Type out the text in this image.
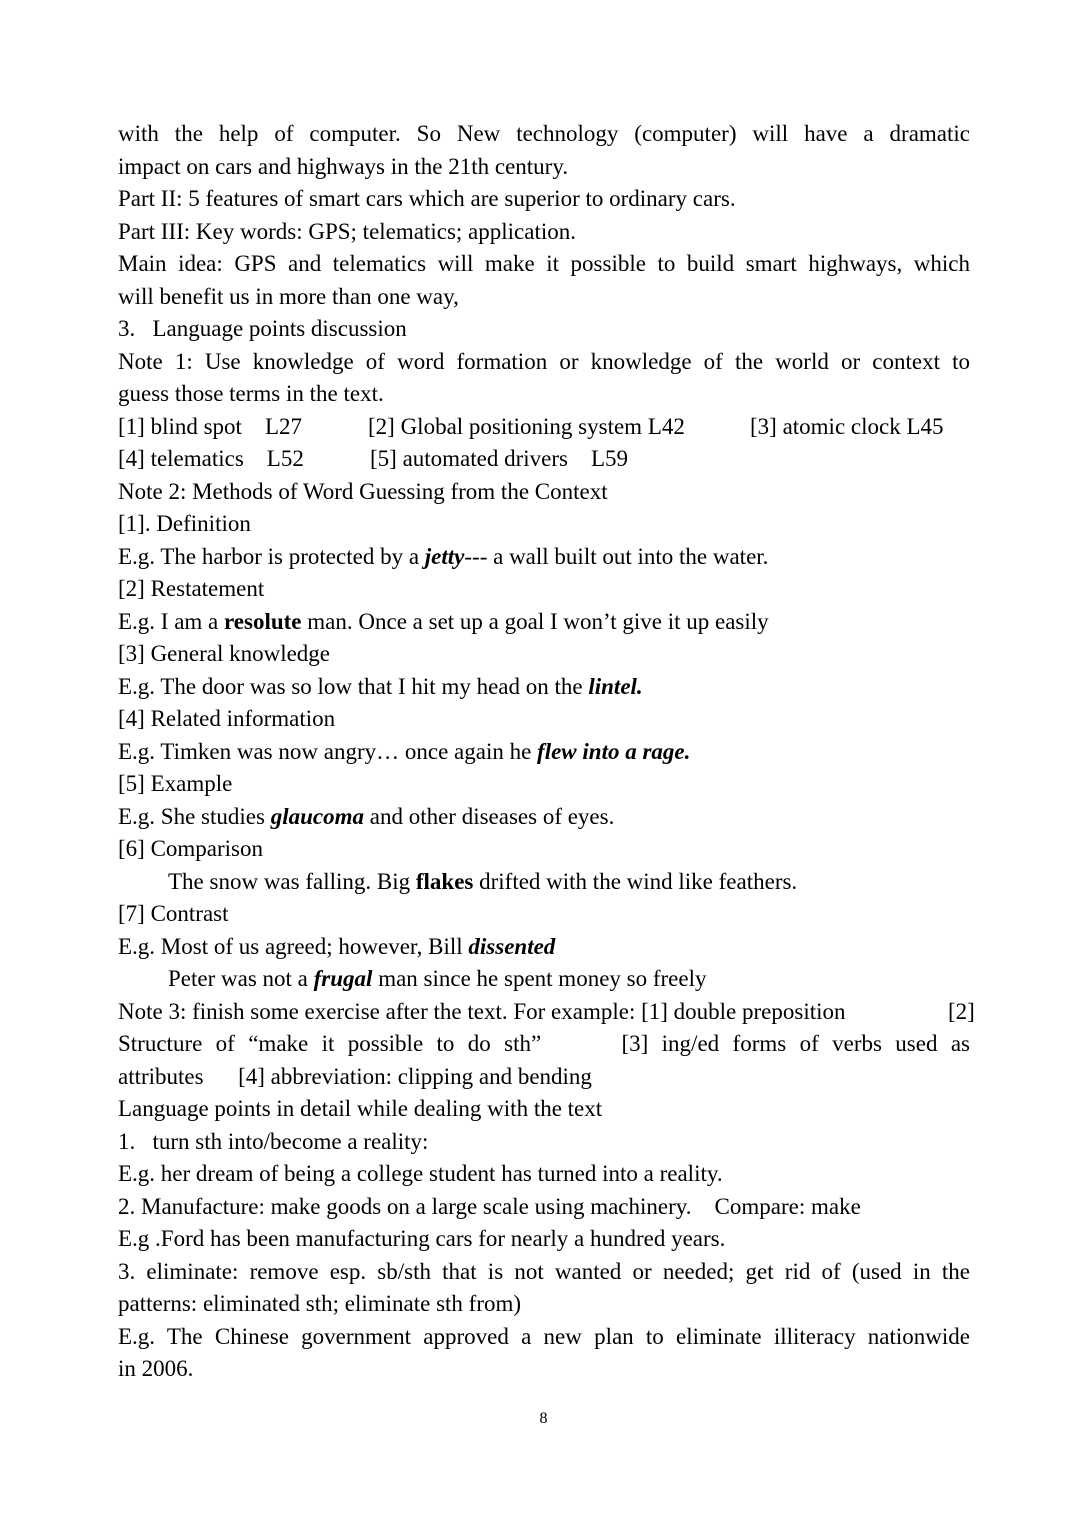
with the help of computer. So New technology (computer) will have a dramatic
impact on cars and highways in the 21th century.
Part II: 5 features of smart cars which are superior to ordinary cars.
Part III: Key words: GPS; telematics; application.
Main idea: GPS and telematics will make it possible to build smart highways, which
will benefit us in more than one way,
3.   Language points discussion
Note 1: Use knowledge of word formation or knowledge of the world or context to
guess those terms in the text.
[1] blind spot    L27	[2] Global positioning system L42	[3] atomic clock L45
[4] telematics    L52	[5] automated drivers    L59
Note 2: Methods of Word Guessing from the Context
[1]. Definition
E.g. The harbor is protected by a jetty--- a wall built out into the water.
[2] Restatement
E.g. I am a resolute man. Once a set up a goal I won’t give it up easily
[3] General knowledge
E.g. The door was so low that I hit my head on the lintel.
[4] Related information
E.g. Timken was now angry… once again he flew into a rage.
[5] Example
E.g. She studies glaucoma and other diseases of eyes.
[6] Comparison
The snow was falling. Big flakes drifted with the wind like feathers.
[7] Contrast
E.g. Most of us agreed; however, Bill dissented
Peter was not a frugal man since he spent money so freely
Note 3: finish some exercise after the text. For example: [1] double preposition	[2]
Structure of “make it possible to do sth”      [3] ing/ed forms of verbs used as
attributes      [4] abbreviation: clipping and bending
Language points in detail while dealing with the text
1.   turn sth into/become a reality:
E.g. her dream of being a college student has turned into a reality.
2. Manufacture: make goods on a large scale using machinery.    Compare: make
E.g .Ford has been manufacturing cars for nearly a hundred years.
3. eliminate: remove esp. sb/sth that is not wanted or needed; get rid of (used in the
patterns: eliminated sth; eliminate sth from)
E.g. The Chinese government approved a new plan to eliminate illiteracy nationwide
in 2006.
8
